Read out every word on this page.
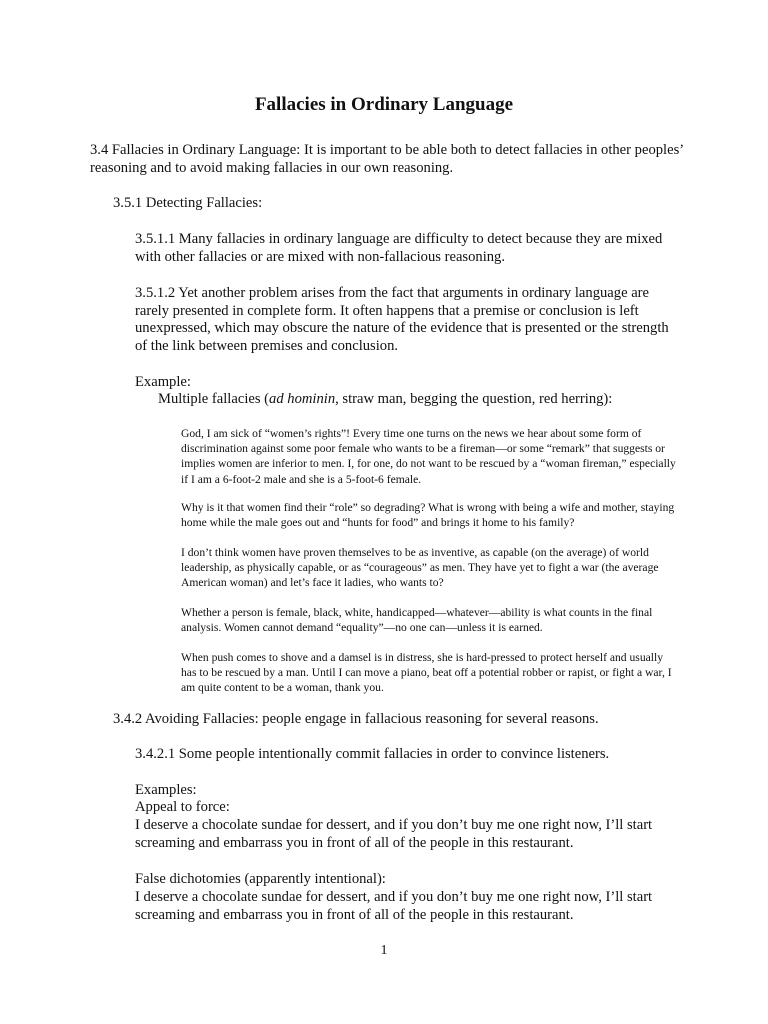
Fallacies in Ordinary Language

3.4 Fallacies in Ordinary Language: It is important to be able both to detect fallacies in other peoples’ reasoning and to avoid making fallacies in our own reasoning.

3.5.1 Detecting Fallacies:

3.5.1.1 Many fallacies in ordinary language are difficulty to detect because they are mixed with other fallacies or are mixed with non-fallacious reasoning.

3.5.1.2 Yet another problem arises from the fact that arguments in ordinary language are rarely presented in complete form. It often happens that a premise or conclusion is left unexpressed, which may obscure the nature of the evidence that is presented or the strength of the link between premises and conclusion.

Example:

Multiple fallacies (ad hominin, straw man, begging the question, red herring):

God, I am sick of “women’s rights”! Every time one turns on the news we hear about some form of discrimination against some poor female who wants to be a fireman—or some “remark” that suggests or implies women are inferior to men. I, for one, do not want to be rescued by a “woman fireman,” especially if I am a 6-foot-2 male and she is a 5-foot-6 female.

Why is it that women find their “role” so degrading? What is wrong with being a wife and mother, staying home while the male goes out and “hunts for food” and brings it home to his family?

I don’t think women have proven themselves to be as inventive, as capable (on the average) of world leadership, as physically capable, or as “courageous” as men. They have yet to fight a war (the average American woman) and let’s face it ladies, who wants to?

Whether a person is female, black, white, handicapped—whatever—ability is what counts in the final analysis. Women cannot demand “equality”—no one can—unless it is earned.

When push comes to shove and a damsel is in distress, she is hard-pressed to protect herself and usually has to be rescued by a man. Until I can move a piano, beat off a potential robber or rapist, or fight a war, I am quite content to be a woman, thank you.

3.4.2 Avoiding Fallacies: people engage in fallacious reasoning for several reasons.

3.4.2.1 Some people intentionally commit fallacies in order to convince listeners.

Examples:

Appeal to force:

I deserve a chocolate sundae for dessert, and if you don’t buy me one right now, I’ll start screaming and embarrass you in front of all of the people in this restaurant.

False dichotomies (apparently intentional):

I deserve a chocolate sundae for dessert, and if you don’t buy me one right now, I’ll start screaming and embarrass you in front of all of the people in this restaurant.

1
